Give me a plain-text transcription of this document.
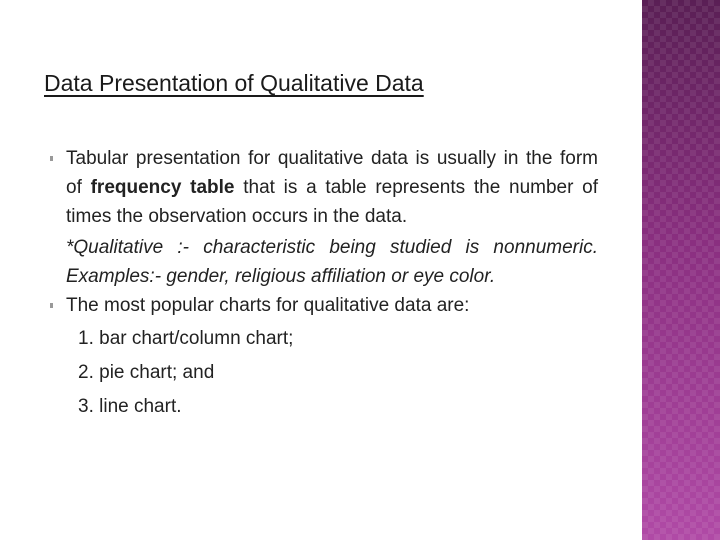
Data Presentation of Qualitative Data
Tabular presentation for qualitative data is usually in the form of frequency table that is a table represents the number of times the observation occurs in the data.
*Qualitative :- characteristic being studied is nonnumeric. Examples:- gender, religious affiliation or eye color.
The most popular charts for qualitative data are:
1. bar chart/column chart;
2. pie chart; and
3. line chart.
